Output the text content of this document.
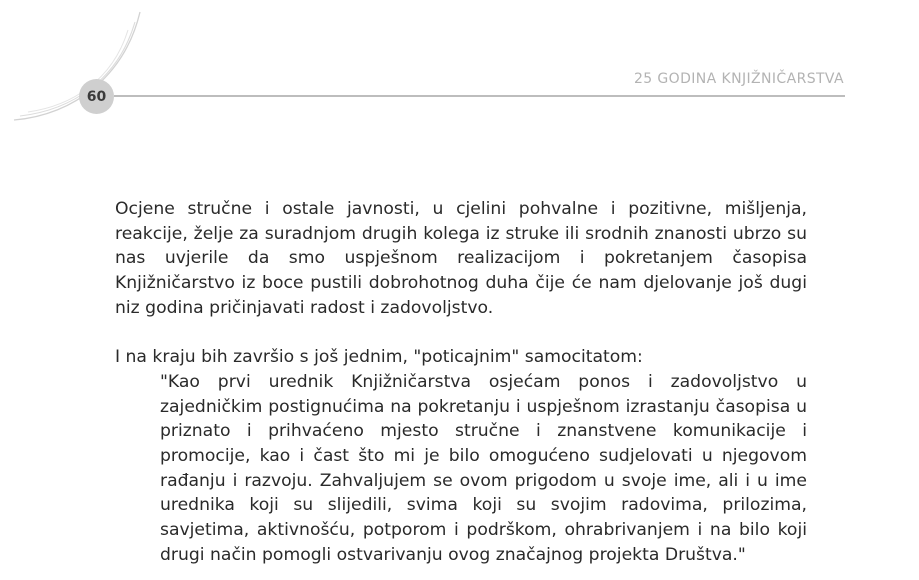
60
25 GODINA KNJIŽNIČARSTVA

Ocjene stručne i ostale javnosti, u cjelini pohvalne i pozitivne, mišljenja, reakcije, želje za suradnjom drugih kolega iz struke ili srodnih znanosti ubrzo su nas uvjerile da smo uspješnom realizacijom i pokretanjem časopisa Knjižničarstvo iz boce pustili dobrohotnog duha čije će nam djelovanje još dugi niz godina pričinjavati radost i zadovoljstvo.

I na kraju bih završio s još jednim, "poticajnim" samocitatom:

"Kao prvi urednik Knjižničarstva osjećam ponos i zadovoljstvo u zajedničkim postignućima na pokretanju i uspješnom izrastanju časopisa u priznato i prihvaćeno mjesto stručne i znanstvene komunikacije i promocije, kao i čast što mi je bilo omogućeno sudjelovati u njegovom rađanju i razvoju. Zahvaljujem se ovom prigodom u svoje ime, ali i u ime urednika koji su slijedili, svima koji su svojim radovima, prilozima, savjetima, aktivnošću, potporom i podrškom, ohrabrivanjem i na bilo koji drugi način pomogli ostvarivanju ovog značajnog projekta Društva."
